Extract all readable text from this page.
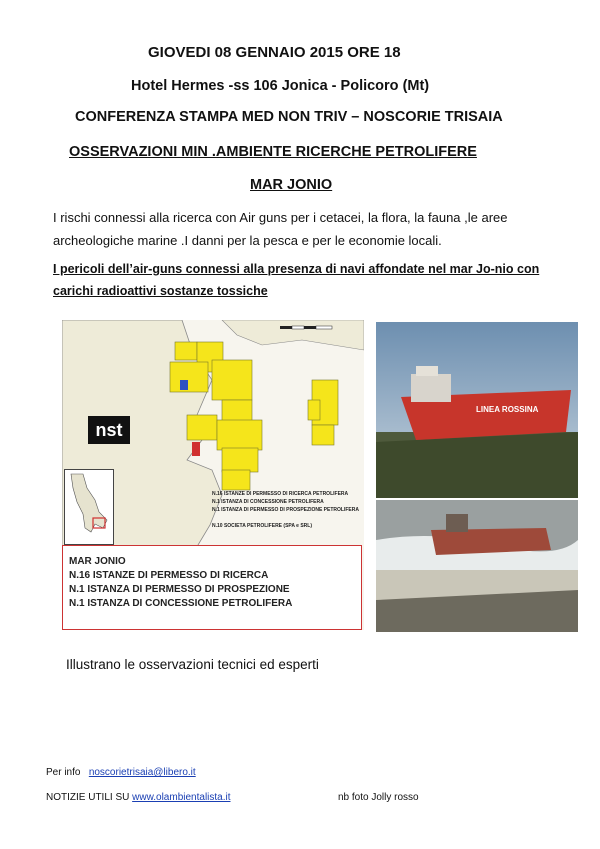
GIOVEDI 08 GENNAIO 2015 ORE 18
Hotel Hermes -ss 106 Jonica - Policoro (Mt)
CONFERENZA STAMPA MED NON TRIV – NOSCORIE TRISAIA
OSSERVAZIONI MIN .AMBIENTE RICERCHE PETROLIFERE
MAR JONIO
I rischi connessi alla ricerca con Air guns per i cetacei, la flora, la fauna ,le aree archeologiche marine .I danni per la pesca e per le economie locali.
I pericoli dell’air-guns connessi alla presenza di navi affondate nel mar Jo-nio con carichi radioattivi sostanze tossiche
nst
N.16 ISTANZE DI PERMESSO DI RICERCA PETROLIFERA
N.1 ISTANZA DI CONCESSIONE PETROLIFERA
N.1 ISTANZA DI PERMESSO DI PROSPEZIONE PETROLIFERA
N.10 SOCIETA PETROLIFERE (SPA e SRL)
MAR JONIO
N.16 ISTANZE DI PERMESSO DI RICERCA
N.1 ISTANZA DI PERMESSO DI PROSPEZIONE
N.1 ISTANZA DI CONCESSIONE PETROLIFERA
LINEA ROSSINA
Illustrano le osservazioni tecnici ed esperti
Per info noscorietrisaia@libero.it
NOTIZIE UTILI SU www.olambientalista.it	nb foto Jolly rosso
